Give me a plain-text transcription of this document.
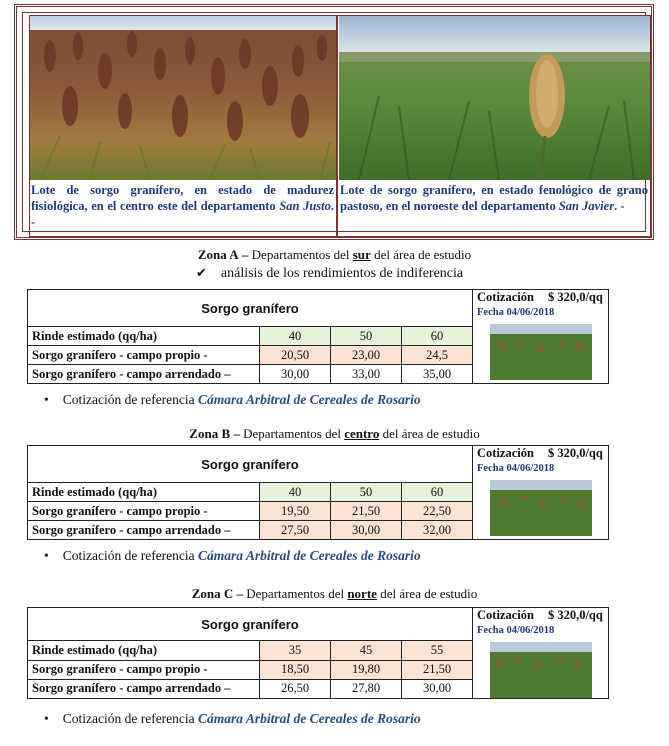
Lote de sorgo granífero, en estado de madurez fisiológica, en el centro este del departamento San Justo. -
Lote de sorgo granífero, en estado fenológico de grano pastoso, en el noroeste del departamento San Javier. -
Zona A – Departamentos del sur del área de estudio
✔ análisis de los rendimientos de indiferencia
Sorgo granífero				Cotización $ 320,0/qq
Fecha 04/06/2018

Rinde estimado (qq/ha)	40	50	60	
Sorgo granífero - campo propio -	20,50	23,00	24,5	
Sorgo granífero - campo arrendado –	30,00	33,00	35,00	
• Cotización de referencia Cámara Arbitral de Cereales de Rosario
Zona B – Departamentos del centro del área de estudio
Sorgo granífero				Cotización $ 320,0/qq
Fecha 04/06/2018

Rinde estimado (qq/ha)	40	50	60	
Sorgo granífero - campo propio -	19,50	21,50	22,50	
Sorgo granífero - campo arrendado –	27,50	30,00	32,00	
• Cotización de referencia Cámara Arbitral de Cereales de Rosario
Zona C – Departamentos del norte del área de estudio
Sorgo granífero				Cotización $ 320,0/qq
Fecha 04/06/2018

Rinde estimado (qq/ha)	35	45	55	
Sorgo granífero - campo propio -	18,50	19,80	21,50	
Sorgo granífero - campo arrendado –	26,50	27,80	30,00	
• Cotización de referencia Cámara Arbitral de Cereales de Rosario
